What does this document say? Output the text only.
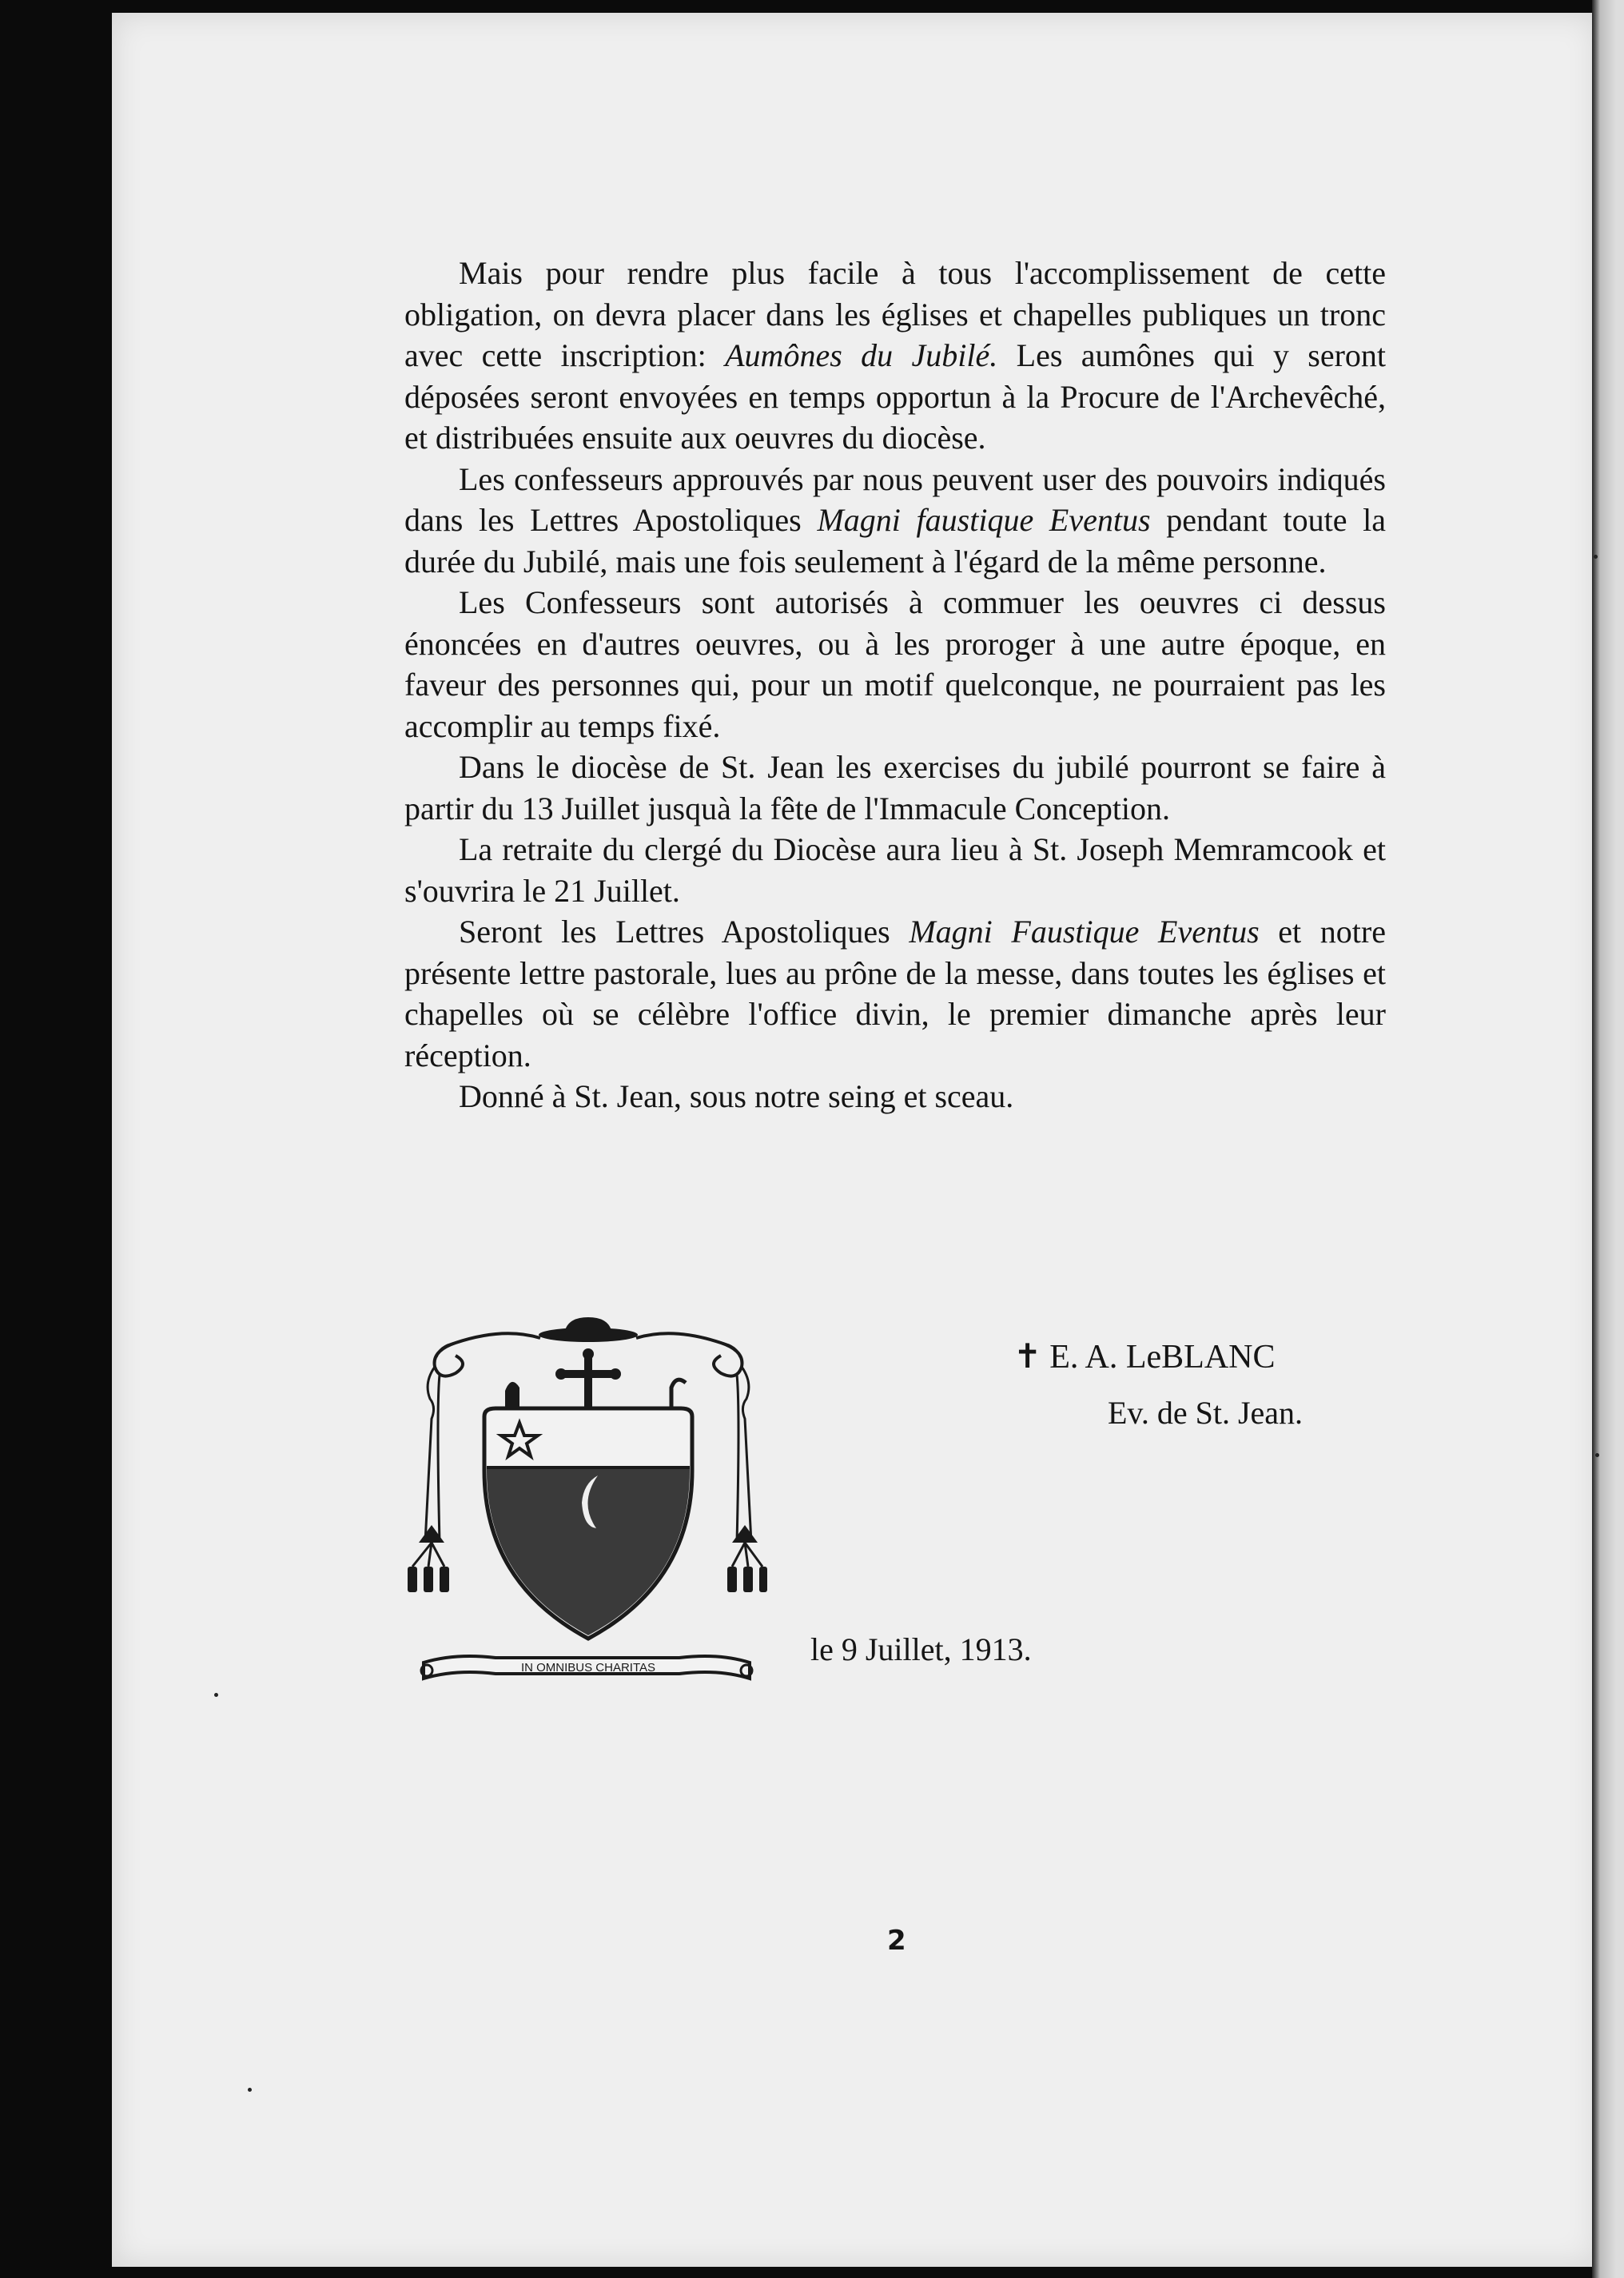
Mais pour rendre plus facile à tous l'accomplissement de cette obligation, on devra placer dans les églises et chapelles publiques un tronc avec cette inscription: Aumônes du Jubilé. Les aumônes qui y seront déposées seront envoyées en temps opportun à la Procure de l'Archevêché, et distribuées ensuite aux oeuvres du diocèse.

Les confesseurs approuvés par nous peuvent user des pouvoirs indiqués dans les Lettres Apostoliques Magni faustique Eventus pendant toute la durée du Jubilé, mais une fois seulement à l'égard de la même personne.

Les Confesseurs sont autorisés à commuer les oeuvres ci dessus énoncées en d'autres oeuvres, ou à les proroger à une autre époque, en faveur des personnes qui, pour un motif quelconque, ne pourraient pas les accomplir au temps fixé.

Dans le diocèse de St. Jean les exercises du jubilé pourront se faire à partir du 13 Juillet jusquà la fête de l'Immacule Conception.

La retraite du clergé du Diocèse aura lieu à St. Joseph Memramcook et s'ouvrira le 21 Juillet.

Seront les Lettres Apostoliques Magni Faustique Eventus et notre présente lettre pastorale, lues au prône de la messe, dans toutes les églises et chapelles où se célèbre l'office divin, le premier dimanche après leur réception.

Donné à St. Jean, sous notre seing et sceau.

IN OMNIBUS CHARITAS
✝ E. A. LeBLANC
Ev. de St. Jean.
le 9 Juillet, 1913.
2
